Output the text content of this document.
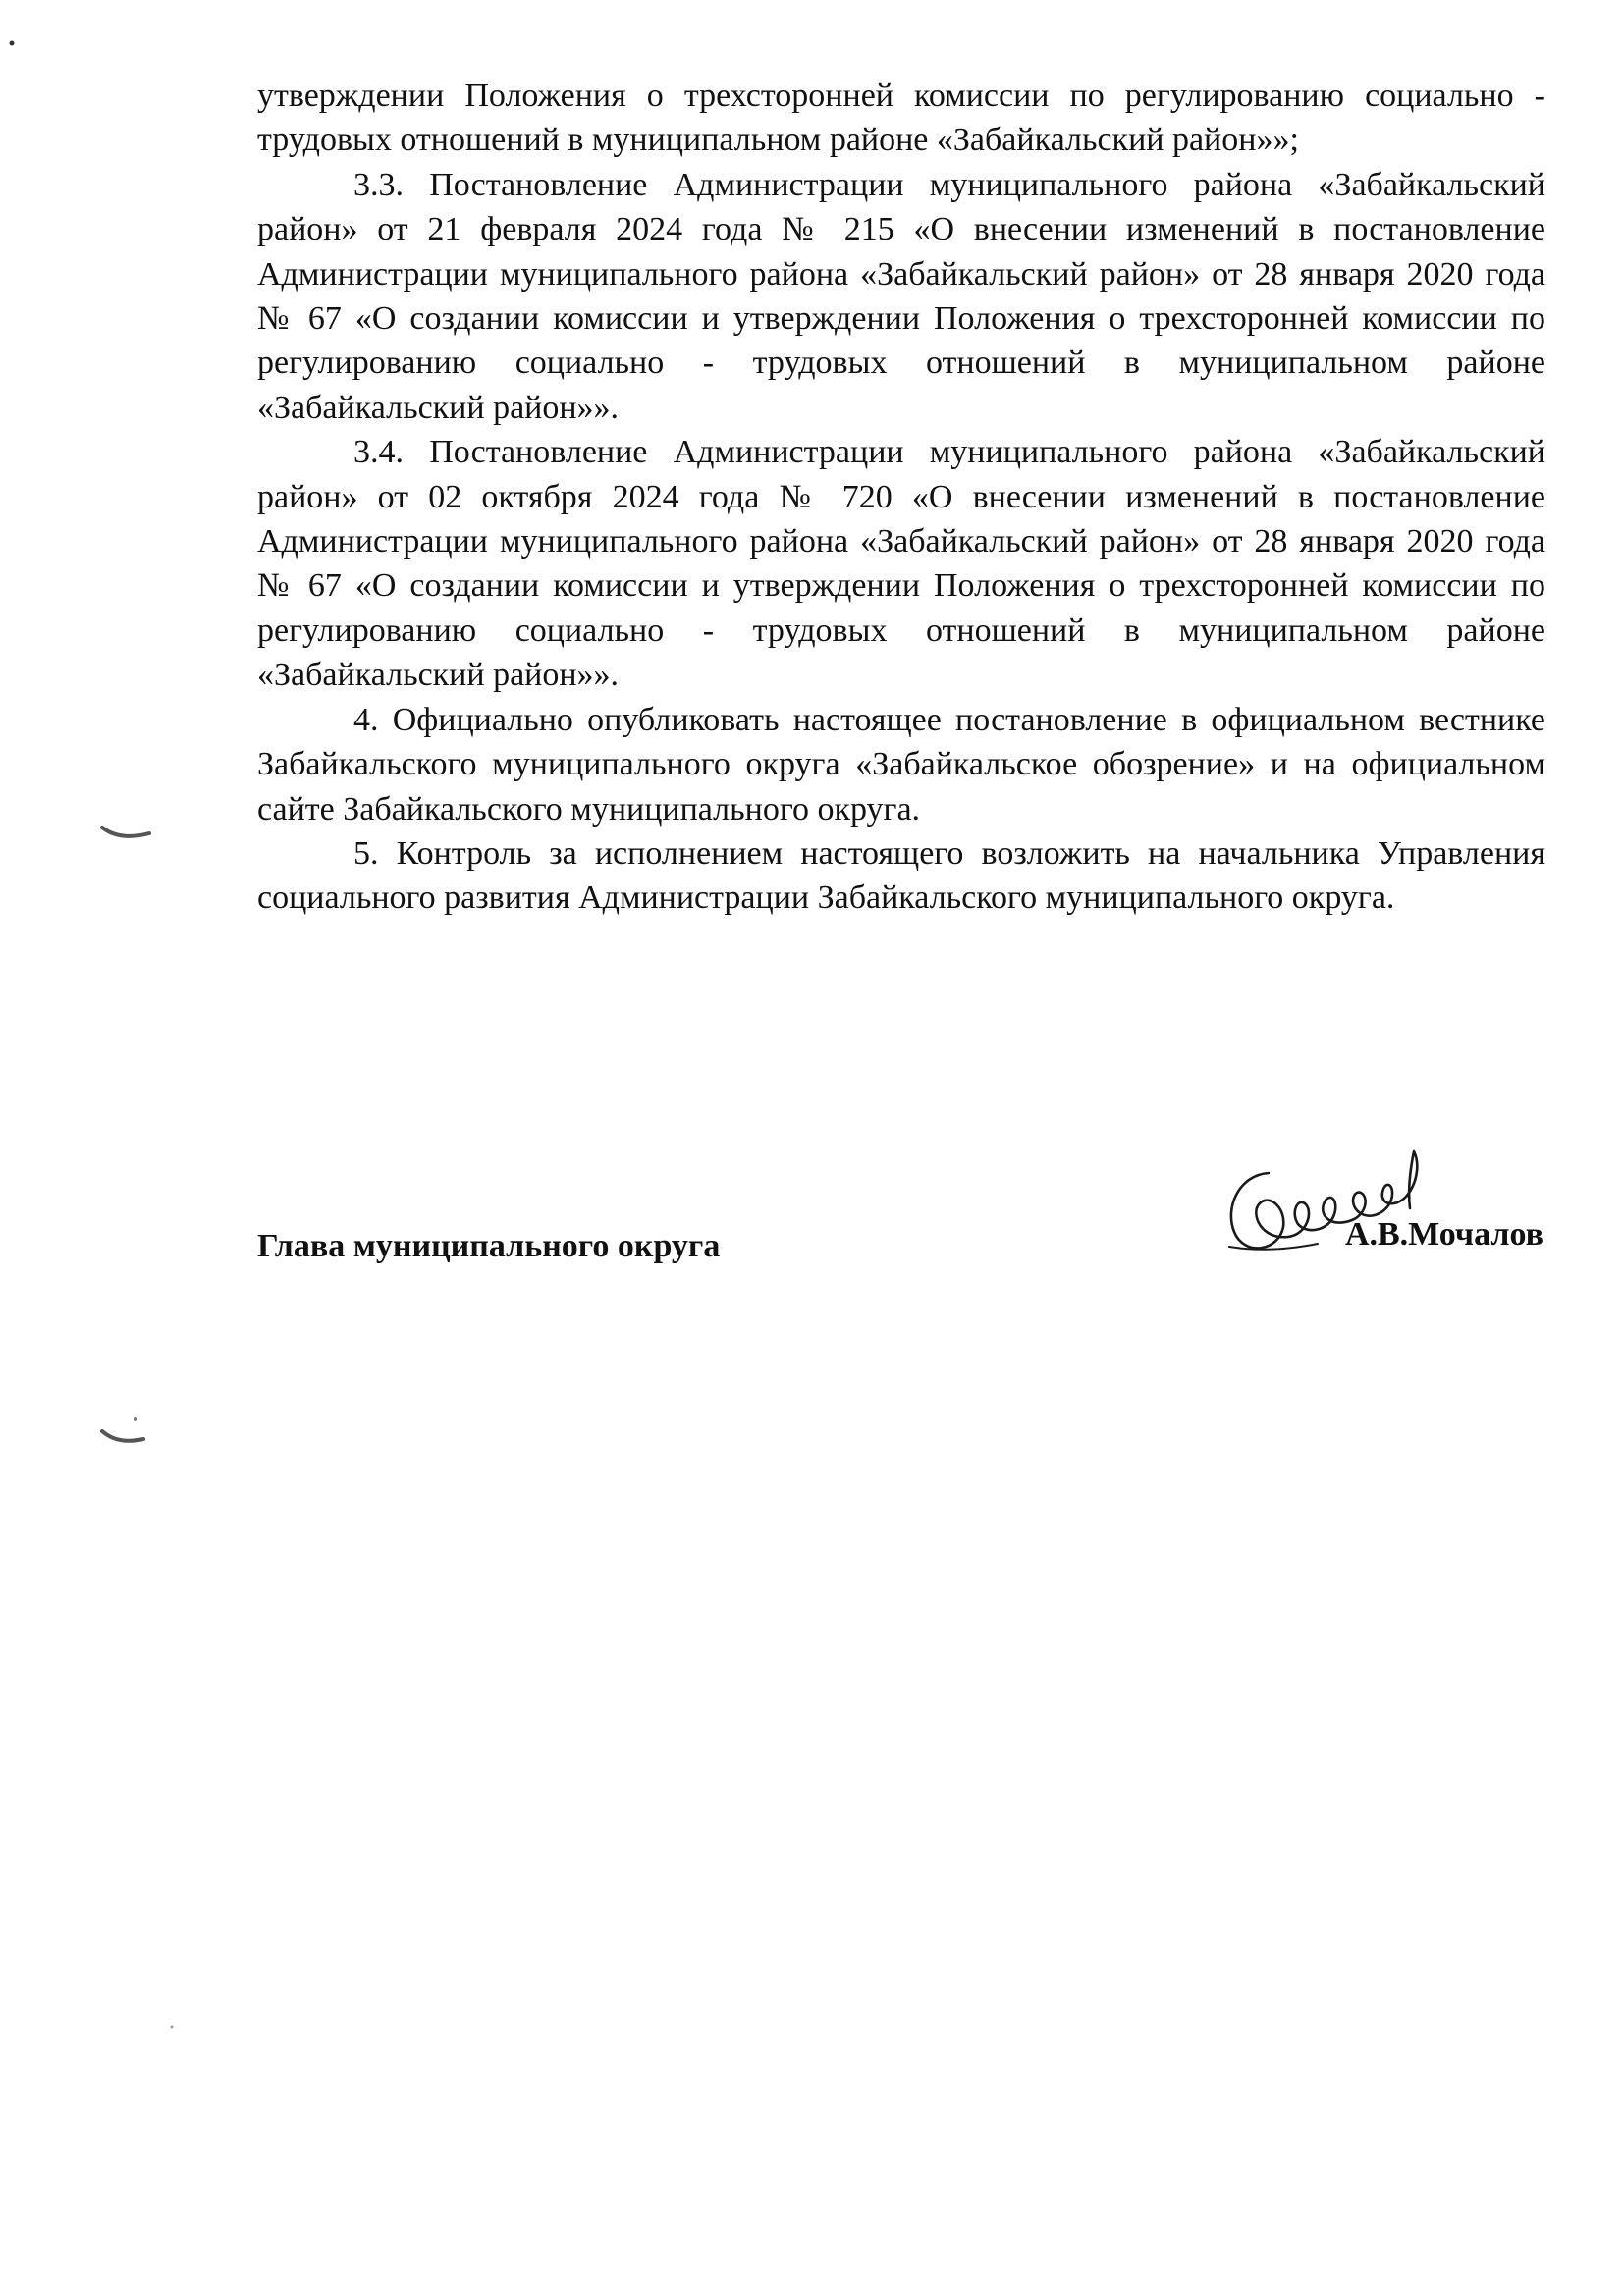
утверждении Положения о трехсторонней комиссии по регулированию социально - трудовых отношений в муниципальном районе «Забайкальский район»»;

3.3. Постановление Администрации муниципального района «Забайкальский район» от 21 февраля 2024 года № 215 «О внесении изменений в постановление Администрации муниципального района «Забайкальский район» от 28 января 2020 года № 67 «О создании комиссии и утверждении Положения о трехсторонней комиссии по регулированию социально - трудовых отношений в муниципальном районе «Забайкальский район»».

3.4. Постановление Администрации муниципального района «Забайкальский район» от 02 октября 2024 года № 720 «О внесении изменений в постановление Администрации муниципального района «Забайкальский район» от 28 января 2020 года № 67 «О создании комиссии и утверждении Положения о трехсторонней комиссии по регулированию социально - трудовых отношений в муниципальном районе «Забайкальский район»».

4. Официально опубликовать настоящее постановление в официальном вестнике Забайкальского муниципального округа «Забайкальское обозрение» и на официальном сайте Забайкальского муниципального округа.

5. Контроль за исполнением настоящего возложить на начальника Управления социального развития Администрации Забайкальского муниципального округа.

Глава муниципального округа	А.В.Мочалов
